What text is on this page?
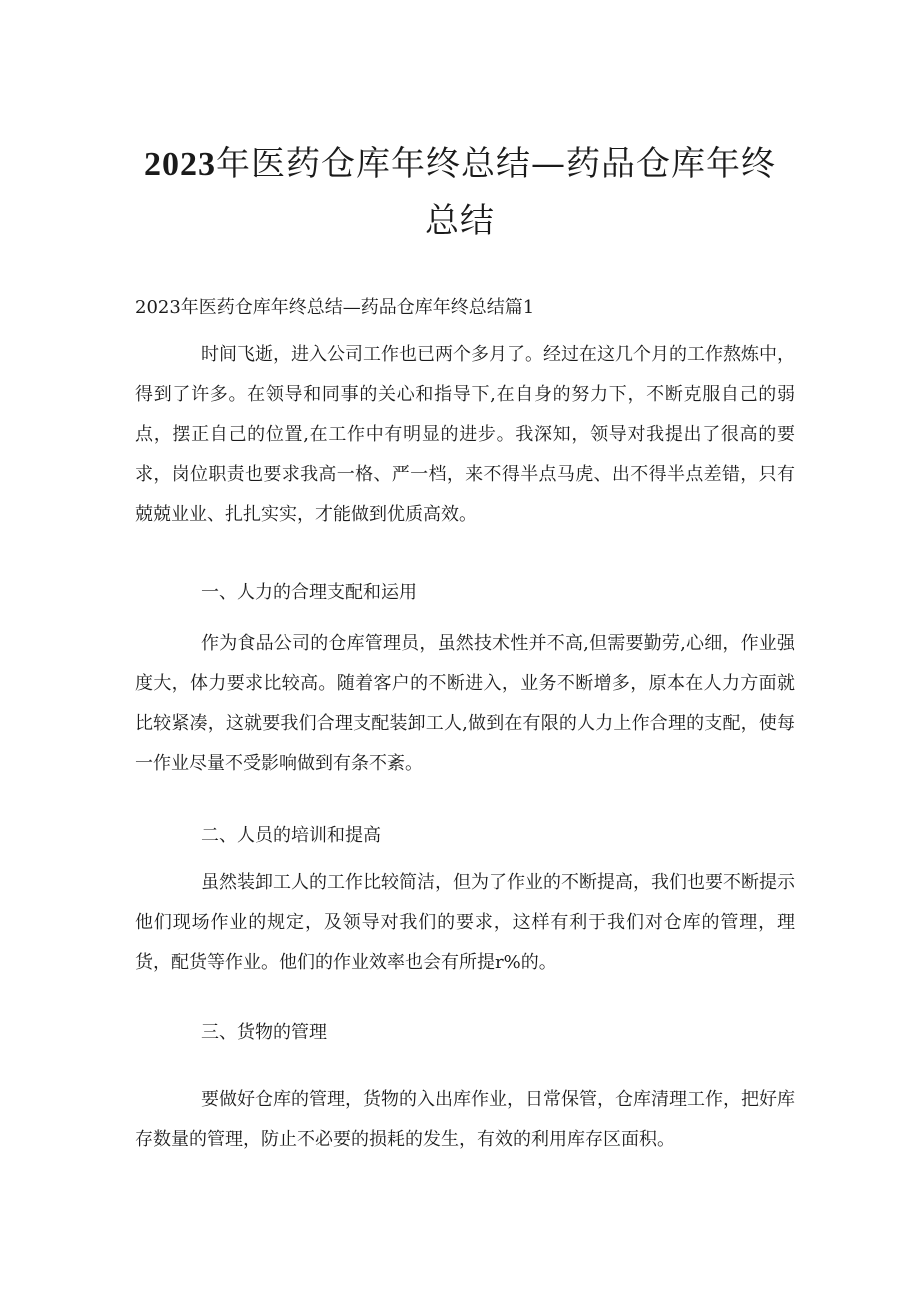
2023年医药仓库年终总结—药品仓库年终总结

2023年医药仓库年终总结—药品仓库年终总结篇1

时间飞逝，进入公司工作也已两个多月了。经过在这几个月的工作熬炼中，得到了许多。在领导和同事的关心和指导下,在自身的努力下，不断克服自己的弱点，摆正自己的位置,在工作中有明显的进步。我深知，领导对我提出了很高的要求，岗位职责也要求我高一格、严一档，来不得半点马虎、出不得半点差错，只有兢兢业业、扎扎实实，才能做到优质高效。

一、人力的合理支配和运用

作为食品公司的仓库管理员，虽然技术性并不高,但需要勤劳,心细，作业强度大，体力要求比较高。随着客户的不断进入，业务不断增多，原本在人力方面就比较紧凑，这就要我们合理支配装卸工人,做到在有限的人力上作合理的支配，使每一作业尽量不受影响做到有条不紊。

二、人员的培训和提高

虽然装卸工人的工作比较简洁，但为了作业的不断提高，我们也要不断提示他们现场作业的规定，及领导对我们的要求，这样有利于我们对仓库的管理，理货，配货等作业。他们的作业效率也会有所提r%的。

三、货物的管理

要做好仓库的管理，货物的入出库作业，日常保管，仓库清理工作，把好库存数量的管理，防止不必要的损耗的发生，有效的利用库存区面积。
